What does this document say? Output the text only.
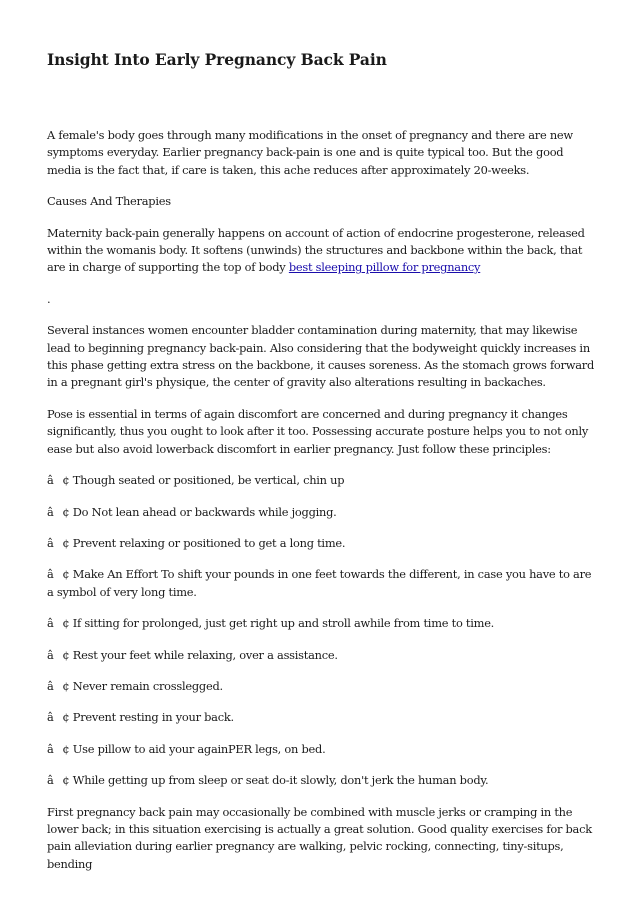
Insight Into Early Pregnancy Back Pain

A female's body goes through many modifications in the onset of pregnancy and there are new symptoms everyday. Earlier pregnancy back-pain is one and is quite typical too. But the good media is the fact that, if care is taken, this ache reduces after approximately 20-weeks.

Causes And Therapies

Maternity back-pain generally happens on account of action of endocrine progesterone, released within the womanis body. It softens (unwinds) the structures and backbone within the back, that are in charge of supporting the top of body best sleeping pillow for pregnancy

.

Several instances women encounter bladder contamination during maternity, that may likewise lead to beginning pregnancy back-pain. Also considering that the bodyweight quickly increases in this phase getting extra stress on the backbone, it causes soreness. As the stomach grows forward in a pregnant girl's physique, the center of gravity also alterations resulting in backaches.

Pose is essential in terms of again discomfort are concerned and during pregnancy it changes significantly, thus you ought to look after it too. Possessing accurate posture helps you to not only ease but also avoid lowerback discomfort in earlier pregnancy. Just follow these principles:

â¢ Though seated or positioned, be vertical, chin up

â¢ Do Not lean ahead or backwards while jogging.

â¢ Prevent relaxing or positioned to get a long time.

â¢ Make An Effort To shift your pounds in one feet towards the different, in case you have to are a symbol of very long time.

â¢ If sitting for prolonged, just get right up and stroll awhile from time to time.

â¢ Rest your feet while relaxing, over a assistance.

â¢ Never remain crosslegged.

â¢ Prevent resting in your back.

â¢ Use pillow to aid your againPER legs, on bed.

â¢ While getting up from sleep or seat do-it slowly, don't jerk the human body.

First pregnancy back pain may occasionally be combined with muscle jerks or cramping in the lower back; in this situation exercising is actually a great solution. Good quality exercises for back pain alleviation during earlier pregnancy are walking, pelvic rocking, connecting, tiny-situps, bending
